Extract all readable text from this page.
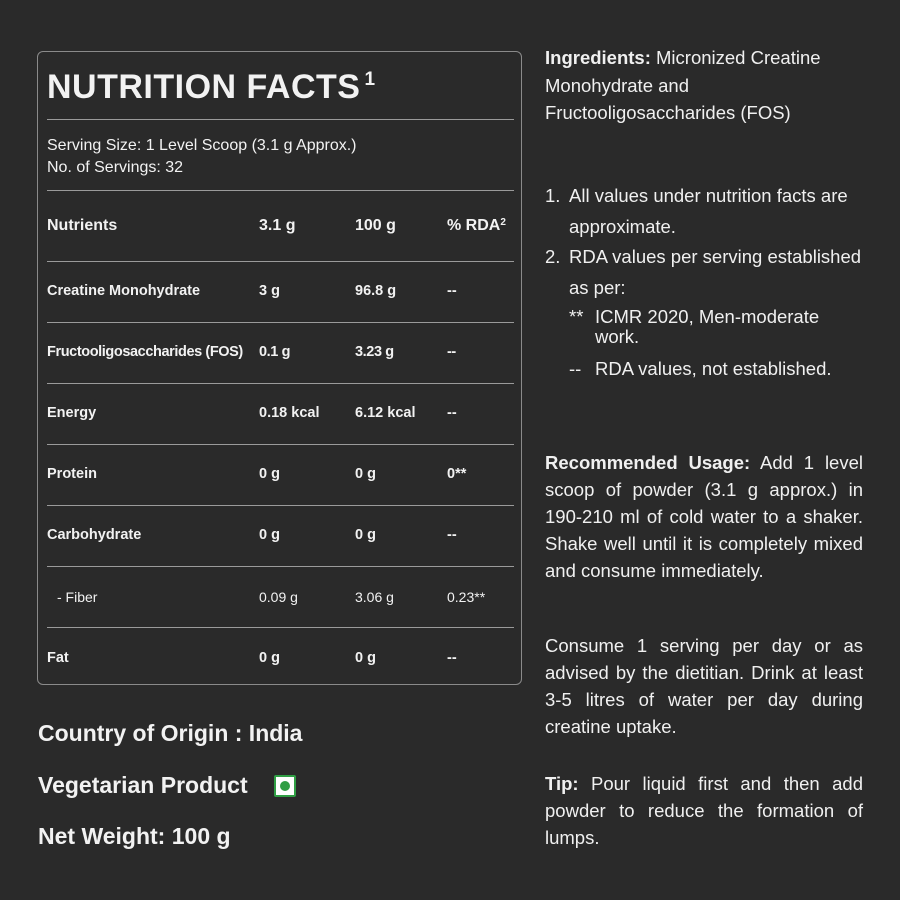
NUTRITION FACTS $^1$
Serving Size: 1 Level Scoop (3.1 g Approx.)
No. of Servings: 32
Nutrients	3.1 g	100 g	% RDA$^2$
Creatine Monohydrate	3 g	96.8 g	--
Fructooligosaccharides (FOS) 0.1 g	3.23 g	--
Energy	0.18 kcal 6.12 kcal --
Protein	0 g	0 g	0**
Carbohydrate	0 g	0 g	--
- Fiber	0.09 g	3.06 g	0.23**
Fat	0 g	0 g	--
Country of Origin : India
Vegetarian Product
Net Weight: 100 g
Ingredients: Micronized Creatine Monohydrate and Fructooligosaccharides (FOS)
1. All values under nutrition facts are approximate.
2. RDA values per serving established as per:
** ICMR 2020, Men-moderate work.
-- RDA values, not established.
Recommended Usage: Add 1 level scoop of powder (3.1 g approx.) in 190-210 ml of cold water to a shaker. Shake well until it is completely mixed and consume immediately.
Consume 1 serving per day or as advised by the dietitian. Drink at least 3-5 litres of water per day during creatine uptake.
Tip: Pour liquid first and then add powder to reduce the formation of lumps.
